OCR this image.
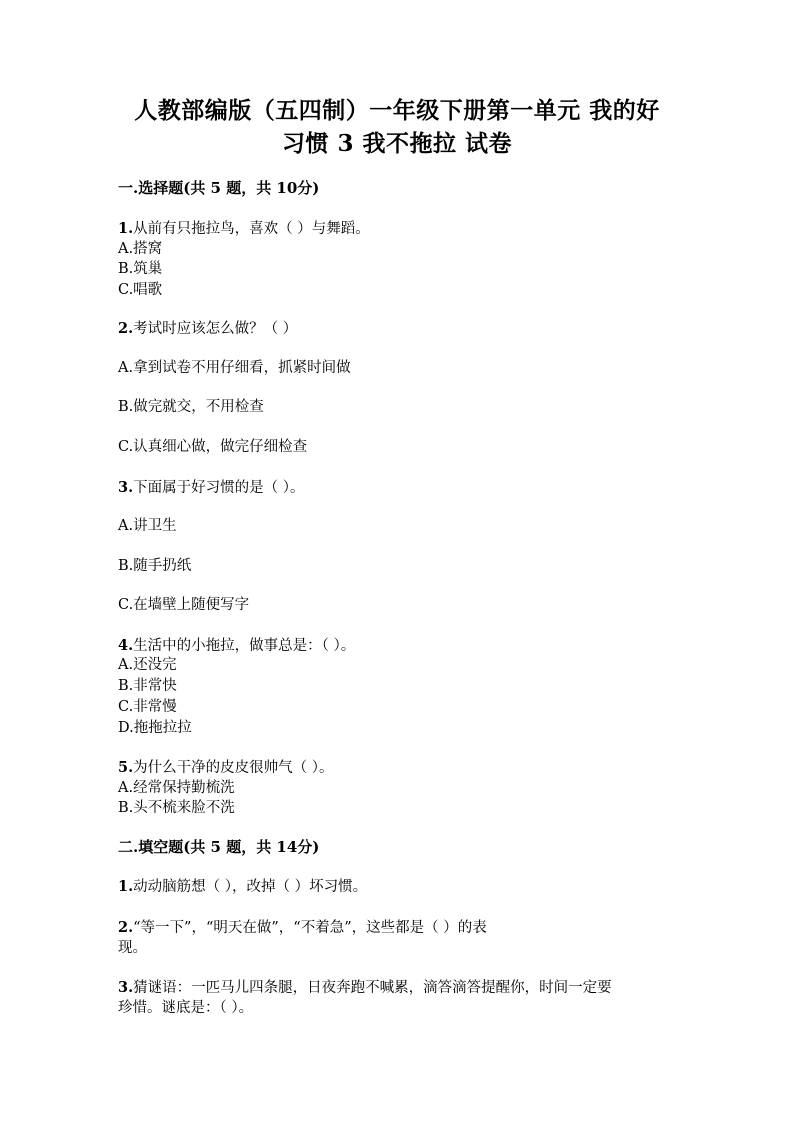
人教部编版（五四制）一年级下册第一单元 我的好
习惯 3 我不拖拉 试卷
一.选择题(共 5 题，共 10分)
1.从前有只拖拉鸟，喜欢（ ）与舞蹈。
A.搭窝
B.筑巢
C.唱歌
2.考试时应该怎么做？（ ）
A.拿到试卷不用仔细看，抓紧时间做
B.做完就交，不用检查
C.认真细心做，做完仔细检查
3.下面属于好习惯的是（ ）。
A.讲卫生
B.随手扔纸
C.在墙壁上随便写字
4.生活中的小拖拉，做事总是：（ ）。
A.还没完
B.非常快
C.非常慢
D.拖拖拉拉
5.为什么干净的皮皮很帅气（ ）。
A.经常保持勤梳洗
B.头不梳来脸不洗
二.填空题(共 5 题，共 14分)
1.动动脑筋想（ ），改掉（ ）坏习惯。
2.“等一下”，“明天在做”，“不着急”，这些都是（ ）的表
现。
3.猜谜语：一匹马儿四条腿，日夜奔跑不喊累，滴答滴答提醒你，时间一定要
珍惜。谜底是：（ ）。
